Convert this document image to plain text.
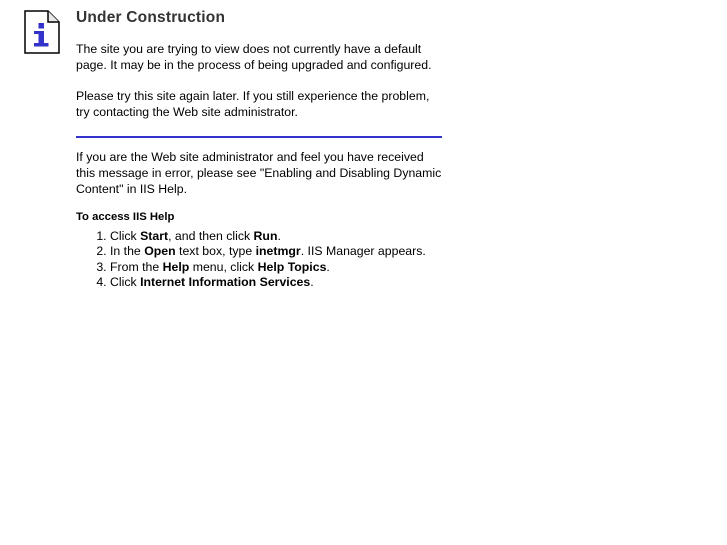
Under Construction

The site you are trying to view does not currently have a default page. It may be in the process of being upgraded and configured.

Please try this site again later. If you still experience the problem, try contacting the Web site administrator.

If you are the Web site administrator and feel you have received this message in error, please see "Enabling and Disabling Dynamic Content" in IIS Help.

To access IIS Help
1. Click Start, and then click Run.
2. In the Open text box, type inetmgr. IIS Manager appears.
3. From the Help menu, click Help Topics.
4. Click Internet Information Services.
